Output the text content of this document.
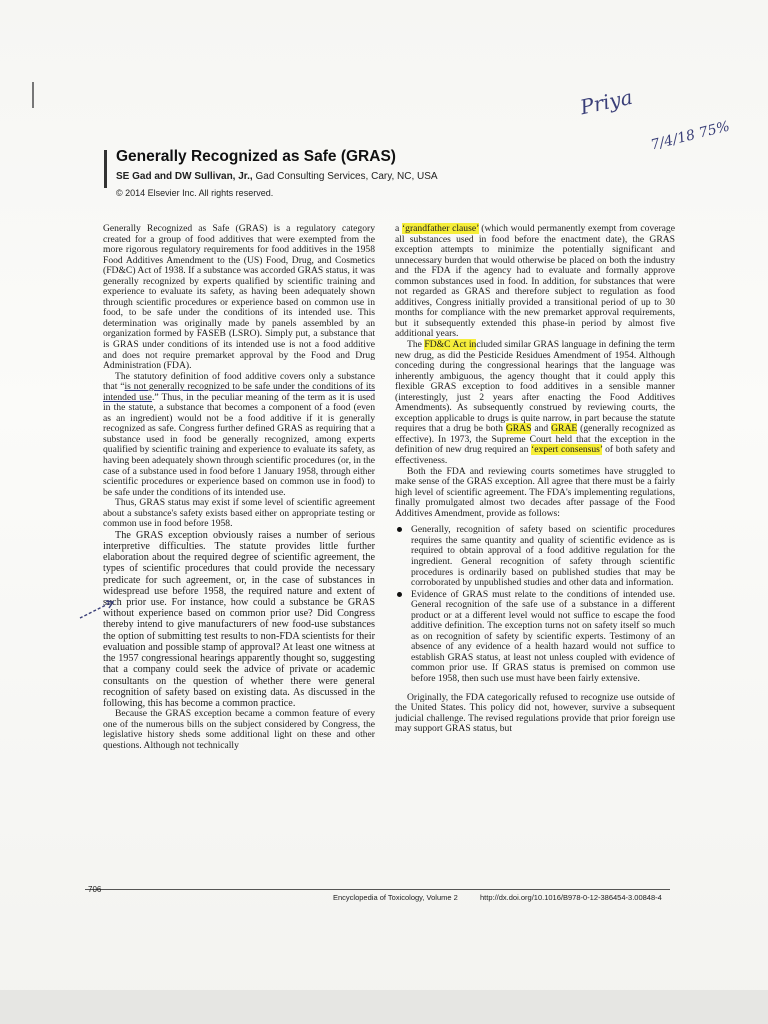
Priya
7/4/18 75%
Generally Recognized as Safe (GRAS)
SE Gad and DW Sullivan, Jr., Gad Consulting Services, Cary, NC, USA
© 2014 Elsevier Inc. All rights reserved.

Generally Recognized as Safe (GRAS) is a regulatory category created for a group of food additives that were exempted from the more rigorous regulatory requirements for food additives in the 1958 Food Additives Amendment to the (US) Food, Drug, and Cosmetics (FD&C) Act of 1938. If a substance was accorded GRAS status, it was generally recognized by experts qualified by scientific training and experience to evaluate its safety, as having been adequately shown through scientific procedures or experience based on common use in food, to be safe under the conditions of its intended use. This determination was originally made by panels assembled by an organization formed by FASEB (LSRO). Simply put, a substance that is GRAS under conditions of its intended use is not a food additive and does not require premarket approval by the Food and Drug Administration (FDA).

The statutory definition of food additive covers only a substance that “is not generally recognized to be safe under the conditions of its intended use.” Thus, in the peculiar meaning of the term as it is used in the statute, a substance that becomes a component of a food (even as an ingredient) would not be a food additive if it is generally recognized as safe. Congress further defined GRAS as requiring that a substance used in food be generally recognized, among experts qualified by scientific training and experience to evaluate its safety, as having been adequately shown through scientific procedures (or, in the case of a substance used in food before 1 January 1958, through either scientific procedures or experience based on common use in food) to be safe under the conditions of its intended use.

Thus, GRAS status may exist if some level of scientific agreement about a substance's safety exists based either on appropriate testing or common use in food before 1958.

The GRAS exception obviously raises a number of serious interpretive difficulties. The statute provides little further elaboration about the required degree of scientific agreement, the types of scientific procedures that could provide the necessary predicate for such agreement, or, in the case of substances in widespread use before 1958, the required nature and extent of such prior use. For instance, how could a substance be GRAS without experience based on common prior use? Did Congress thereby intend to give manufacturers of new food-use substances the option of submitting test results to non-FDA scientists for their evaluation and possible stamp of approval? At least one witness at the 1957 congressional hearings apparently thought so, suggesting that a company could seek the advice of private or academic consultants on the question of whether there were general recognition of safety based on existing data. As discussed in the following, this has become a common practice.

Because the GRAS exception became a common feature of every one of the numerous bills on the subject considered by Congress, the legislative history sheds some additional light on these and other questions. Although not technically

a ‘grandfather clause’ (which would permanently exempt from coverage all substances used in food before the enactment date), the GRAS exception attempts to minimize the potentially significant and unnecessary burden that would otherwise be placed on both the industry and the FDA if the agency had to evaluate and formally approve common substances used in food. In addition, for substances that were not regarded as GRAS and therefore subject to regulation as food additives, Congress initially provided a transitional period of up to 30 months for compliance with the new premarket approval requirements, but it subsequently extended this phase-in period by almost five additional years.

The FD&C Act included similar GRAS language in defining the term new drug, as did the Pesticide Residues Amendment of 1954. Although conceding during the congressional hearings that the language was inherently ambiguous, the agency thought that it could apply this flexible GRAS exception to food additives in a sensible manner (interestingly, just 2 years after enacting the Food Additives Amendments). As subsequently construed by reviewing courts, the exception applicable to drugs is quite narrow, in part because the statute requires that a drug be both GRAS and GRAE (generally recognized as effective). In 1973, the Supreme Court held that the exception in the definition of new drug required an ‘expert consensus’ of both safety and effectiveness.

Both the FDA and reviewing courts sometimes have struggled to make sense of the GRAS exception. All agree that there must be a fairly high level of scientific agreement. The FDA's implementing regulations, finally promulgated almost two decades after passage of the Food Additives Amendment, provide as follows:

Generally, recognition of safety based on scientific procedures requires the same quantity and quality of scientific evidence as is required to obtain approval of a food additive regulation for the ingredient. General recognition of safety through scientific procedures is ordinarily based on published studies that may be corroborated by unpublished studies and other data and information.
Evidence of GRAS must relate to the conditions of intended use. General recognition of the safe use of a substance in a different product or at a different level would not suffice to escape the food additive definition. The exception turns not on safety itself so much as on recognition of safety by scientific experts. Testimony of an absence of any evidence of a health hazard would not suffice to establish GRAS status, at least not unless coupled with evidence of common prior use. If GRAS status is premised on common use before 1958, then such use must have been fairly extensive.

Originally, the FDA categorically refused to recognize use outside of the United States. This policy did not, however, survive a subsequent judicial challenge. The revised regulations provide that prior foreign use may support GRAS status, but

706
Encyclopedia of Toxicology, Volume 2	http://dx.doi.org/10.1016/B978-0-12-386454-3.00848-4
